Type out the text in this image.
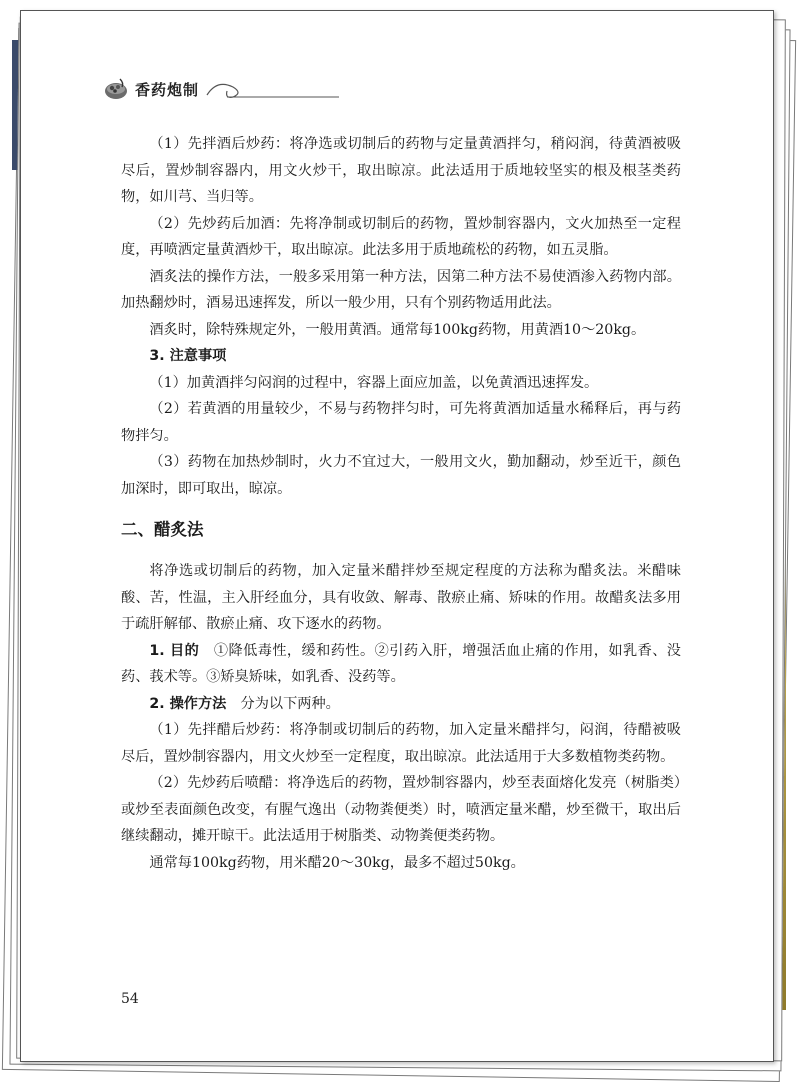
香药炮制

（1）先拌酒后炒药：将净选或切制后的药物与定量黄酒拌匀，稍闷润，待黄酒被吸尽后，置炒制容器内，用文火炒干，取出晾凉。此法适用于质地较坚实的根及根茎类药物，如川芎、当归等。

（2）先炒药后加酒：先将净制或切制后的药物，置炒制容器内，文火加热至一定程度，再喷洒定量黄酒炒干，取出晾凉。此法多用于质地疏松的药物，如五灵脂。

酒炙法的操作方法，一般多采用第一种方法，因第二种方法不易使酒渗入药物内部。加热翻炒时，酒易迅速挥发，所以一般少用，只有个别药物适用此法。

酒炙时，除特殊规定外，一般用黄酒。通常每100kg药物，用黄酒10～20kg。

3. 注意事项

（1）加黄酒拌匀闷润的过程中，容器上面应加盖，以免黄酒迅速挥发。

（2）若黄酒的用量较少，不易与药物拌匀时，可先将黄酒加适量水稀释后，再与药物拌匀。

（3）药物在加热炒制时，火力不宜过大，一般用文火，勤加翻动，炒至近干，颜色加深时，即可取出，晾凉。

二、醋炙法

将净选或切制后的药物，加入定量米醋拌炒至规定程度的方法称为醋炙法。米醋味酸、苦，性温，主入肝经血分，具有收敛、解毒、散瘀止痛、矫味的作用。故醋炙法多用于疏肝解郁、散瘀止痛、攻下逐水的药物。

1. 目的　 ①降低毒性，缓和药性。②引药入肝，增强活血止痛的作用，如乳香、没药、莪术等。③矫臭矫味，如乳香、没药等。

2. 操作方法　 分为以下两种。

（1）先拌醋后炒药：将净制或切制后的药物，加入定量米醋拌匀，闷润，待醋被吸尽后，置炒制容器内，用文火炒至一定程度，取出晾凉。此法适用于大多数植物类药物。

（2）先炒药后喷醋：将净选后的药物，置炒制容器内，炒至表面熔化发亮（树脂类）或炒至表面颜色改变，有腥气逸出（动物粪便类）时，喷洒定量米醋，炒至微干，取出后继续翻动，摊开晾干。此法适用于树脂类、动物粪便类药物。

通常每100kg药物，用米醋20～30kg，最多不超过50kg。

54
